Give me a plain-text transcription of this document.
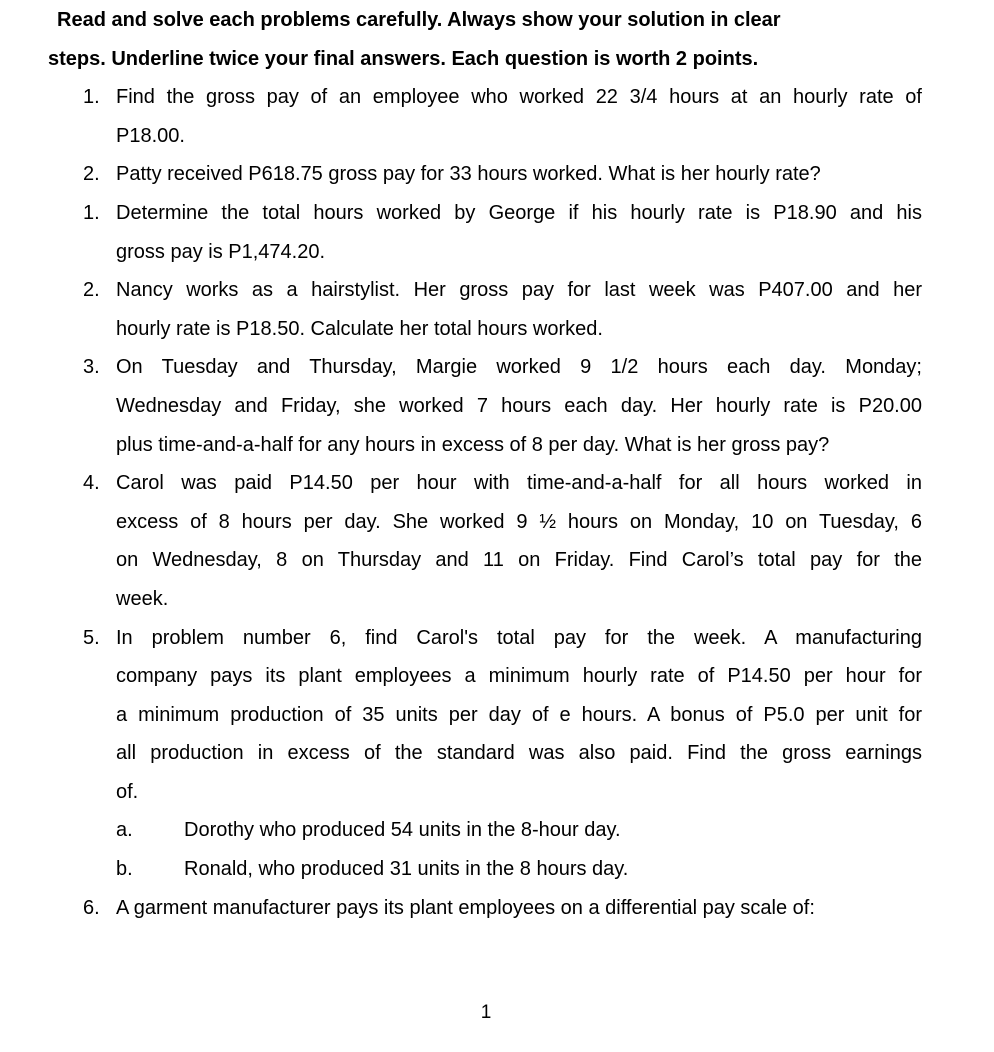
Read and solve each problems carefully. Always show your solution in clear
steps. Underline twice your final answers. Each question is worth 2 points.
1. Find the gross pay of an employee who worked 22 3/4 hours at an hourly rate of
P18.00.
2. Patty received P618.75 gross pay for 33 hours worked. What is her hourly rate?
1. Determine the total hours worked by George if his hourly rate is P18.90 and his
gross pay is P1,474.20.
2. Nancy works as a hairstylist. Her gross pay for last week was P407.00 and her
hourly rate is P18.50. Calculate her total hours worked.
3. On Tuesday and Thursday, Margie worked 9 1/2 hours each day. Monday;
Wednesday and Friday, she worked 7 hours each day. Her hourly rate is P20.00
plus time-and-a-half for any hours in excess of 8 per day. What is her gross pay?
4. Carol was paid P14.50 per hour with time-and-a-half for all hours worked in
excess of 8 hours per day. She worked 9 ½ hours on Monday, 10 on Tuesday, 6
on Wednesday, 8 on Thursday and 11 on Friday. Find Carol’s total pay for the
week.
5. In problem number 6, find Carol's total pay for the week. A manufacturing
company pays its plant employees a minimum hourly rate of P14.50 per hour for
a minimum production of 35 units per day of e hours. A bonus of P5.0 per unit for
all production in excess of the standard was also paid. Find the gross earnings
of.
a.	Dorothy who produced 54 units in the 8-hour day.
b.	Ronald, who produced 31 units in the 8 hours day.
6. A garment manufacturer pays its plant employees on a differential pay scale of:
1
